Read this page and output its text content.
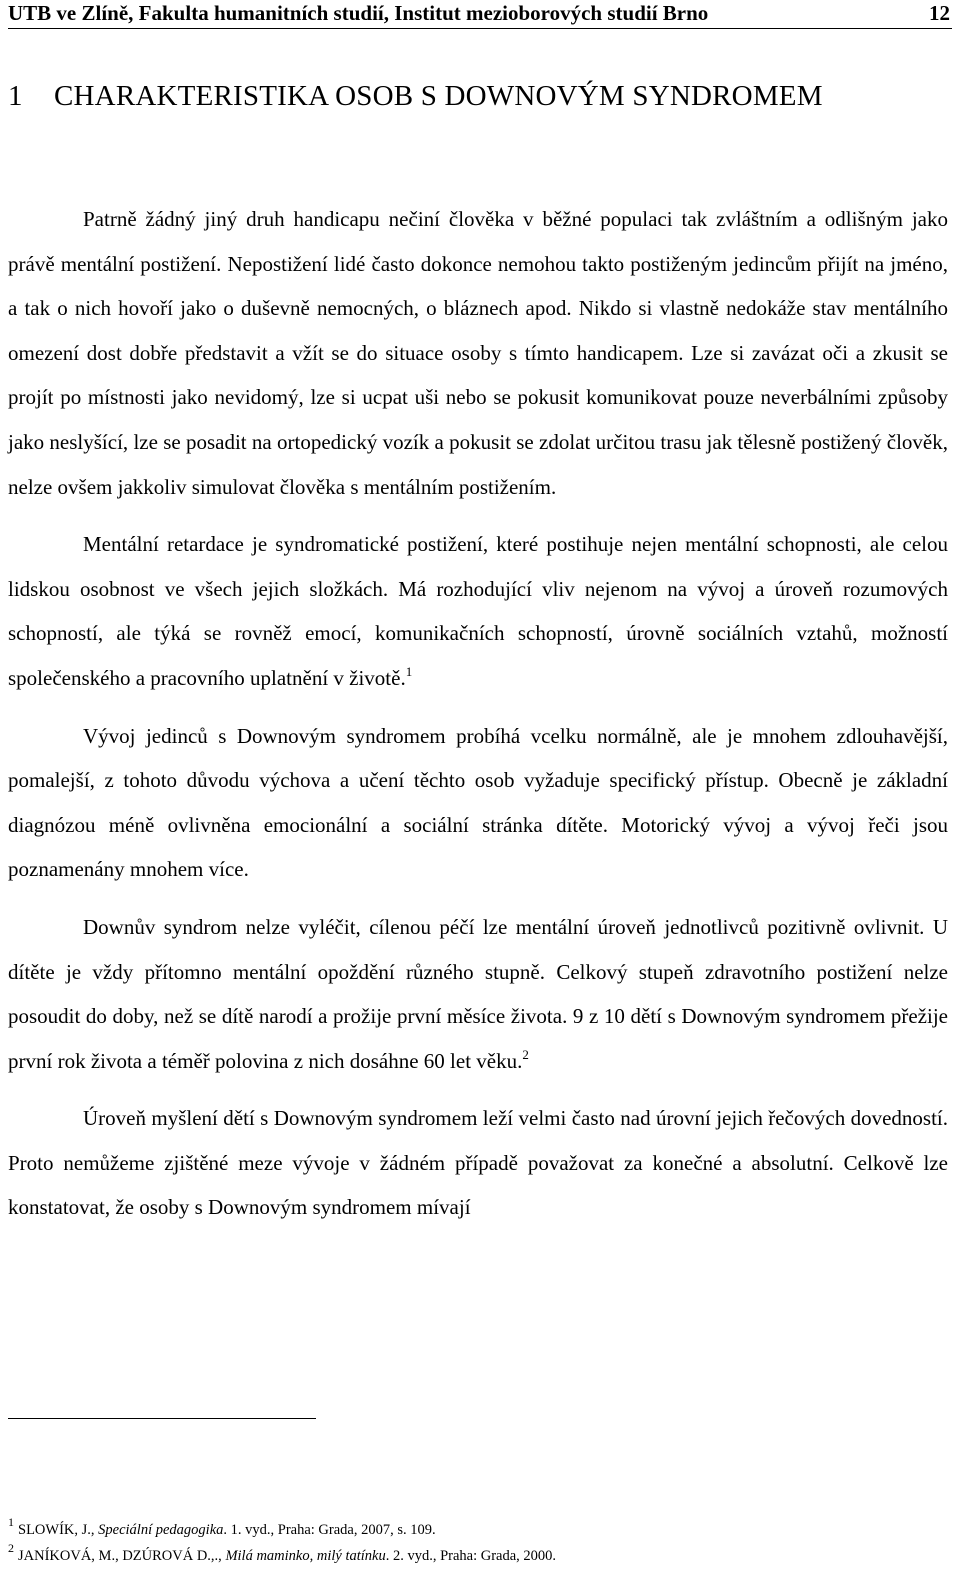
UTB ve Zlíně, Fakulta humanitních studií, Institut mezioborových studií Brno	12
1 CHARAKTERISTIKA OSOB S DOWNOVÝM SYNDROMEM

Patrně žádný jiný druh handicapu nečiní člověka v běžné populaci tak zvláštním a odlišným jako právě mentální postižení. Nepostižení lidé často dokonce nemohou takto postiženým jedincům přijít na jméno, a tak o nich hovoří jako o duševně nemocných, o bláznech apod. Nikdo si vlastně nedokáže stav mentálního omezení dost dobře představit a vžít se do situace osoby s tímto handicapem. Lze si zavázat oči a zkusit se projít po místnosti jako nevidomý, lze si ucpat uši nebo se pokusit komunikovat pouze neverbálními způsoby jako neslyšící, lze se posadit na ortopedický vozík a pokusit se zdolat určitou trasu jak tělesně postižený člověk, nelze ovšem jakkoliv simulovat člověka s mentálním postižením.

Mentální retardace je syndromatické postižení, které postihuje nejen mentální schopnosti, ale celou lidskou osobnost ve všech jejich složkách. Má rozhodující vliv nejenom na vývoj a úroveň rozumových schopností, ale týká se rovněž emocí, komunikačních schopností, úrovně sociálních vztahů, možností společenského a pracovního uplatnění v životě.$^1$

Vývoj jedinců s Downovým syndromem probíhá vcelku normálně, ale je mnohem zdlouhavější, pomalejší, z tohoto důvodu výchova a učení těchto osob vyžaduje specifický přístup. Obecně je základní diagnózou méně ovlivněna emocionální a sociální stránka dítěte. Motorický vývoj a vývoj řeči jsou poznamenány mnohem více.

Downův syndrom nelze vyléčit, cílenou péčí lze mentální úroveň jednotlivců pozitivně ovlivnit. U dítěte je vždy přítomno mentální opoždění různého stupně. Celkový stupeň zdravotního postižení nelze posoudit do doby, než se dítě narodí a prožije první měsíce života. 9 z 10 dětí s Downovým syndromem přežije první rok života a téměř polovina z nich dosáhne 60 let věku.$^2$

Úroveň myšlení dětí s Downovým syndromem leží velmi často nad úrovní jejich řečových dovedností. Proto nemůžeme zjištěné meze vývoje v žádném případě považovat za konečné a absolutní. Celkově lze konstatovat, že osoby s Downovým syndromem mívají

$^1$ SLOWÍK, J., Speciální pedagogika. 1. vyd., Praha: Grada, 2007, s. 109.
$^2$ JANÍKOVÁ, M., DZÚROVÁ D.,., Milá maminko, milý tatínku. 2. vyd., Praha: Grada, 2000.
